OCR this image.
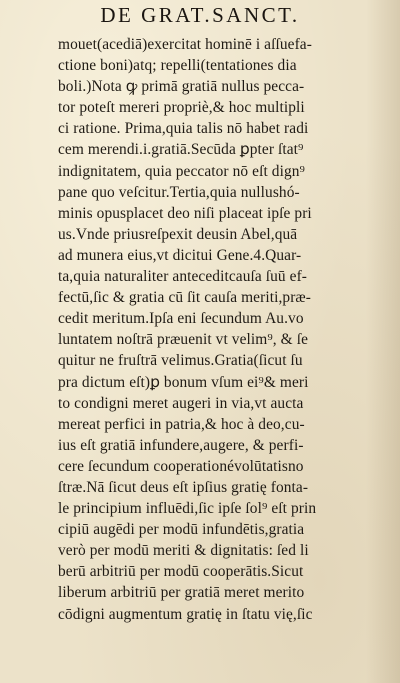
DE GRAT.SANCT.
mouet(acediā)exercitat hominē i aſſuefa-
ctione boni)atq; repelli(tentationes dia
boli.)Nota ꝙ primā gratiā nullus pecca-
tor poteſt mereri propriè,& hoc multipli
ci ratione. Prima,quia talis nō habet radi
cem merendi.i.gratiā.Secūda ꝑpter ſtat⁹
indignitatem, quia peccator nō eſt dign⁹
pane quo veſcitur.Tertia,quia nullushó-
minis opusplacet deo niſi placeat ipſe pri
us.Vnde priusreſpexit deusin Abel,quā
ad munera eius,vt dicitui Gene.4.Quar-
ta,quia naturaliter anteceditcauſa ſuū ef-
fectū,ſic & gratia cū ſit cauſa meriti,præ-
cedit meritum.Ipſa eni ſecundum Au.vo
luntatem noſtrā præuenit vt velim⁹, & ſe
quitur ne fruſtrā velimus.Gratia(ſicut ſu
pra dictum eſt)ꝑ bonum vſum ei⁹& meri
to condigni meret augeri in via,vt aucta
mereat perfici in patria,& hoc à deo,cu-
ius eſt gratiā infundere,augere, & perfi-
cere ſecundum cooperationévolūtatisno
ſtræ.Nā ſicut deus eſt ipſius gratię fonta-
le principium influēdi,ſic ipſe ſol⁹ eſt prin
cipiū augēdi per modū infundētis,gratia
verò per modū meriti & dignitatis: ſed li
berū arbitriū per modū cooperātis.Sicut
liberum arbitriū per gratiā meret merito
cōdigni augmentum gratię in ſtatu vię,ſic
